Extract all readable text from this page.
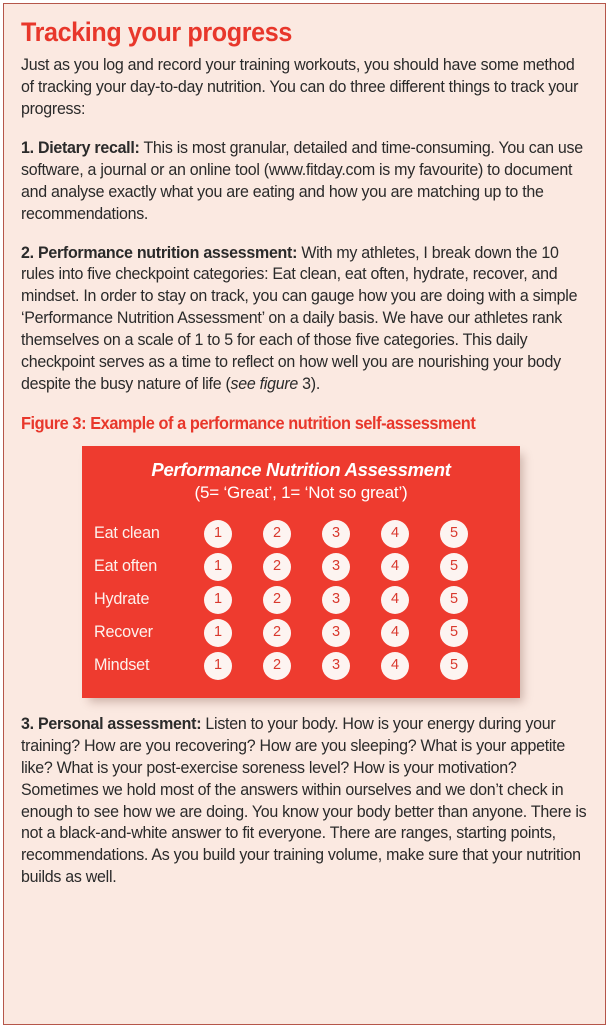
Tracking your progress

Just as you log and record your training workouts, you should have some method of tracking your day-to-day nutrition. You can do three different things to track your progress:

1. Dietary recall: This is most granular, detailed and time-consuming. You can use software, a journal or an online tool (www.fitday.com is my favourite) to document and analyse exactly what you are eating and how you are matching up to the recommendations.

2. Performance nutrition assessment: With my athletes, I break down the 10 rules into five checkpoint categories: Eat clean, eat often, hydrate, recover, and mindset. In order to stay on track, you can gauge how you are doing with a simple ‘Performance Nutrition Assessment’ on a daily basis. We have our athletes rank themselves on a scale of 1 to 5 for each of those five categories. This daily checkpoint serves as a time to reflect on how well you are nourishing your body despite the busy nature of life (see figure 3).

Figure 3: Example of a performance nutrition self-assessment
Performance Nutrition Assessment
(5= ‘Great’, 1= ‘Not so great’)
Eat clean	1	2	3	4	5
Eat often	1	2	3	4	5
Hydrate	1	2	3	4	5
Recover	1	2	3	4	5
Mindset	1	2	3	4	5

3. Personal assessment: Listen to your body. How is your energy during your training? How are you recovering? How are you sleeping? What is your appetite like? What is your post-exercise soreness level? How is your motivation? Sometimes we hold most of the answers within ourselves and we don’t check in enough to see how we are doing. You know your body better than anyone. There is not a black-and-white answer to fit everyone. There are ranges, starting points, recommendations. As you build your training volume, make sure that your nutrition builds as well.
